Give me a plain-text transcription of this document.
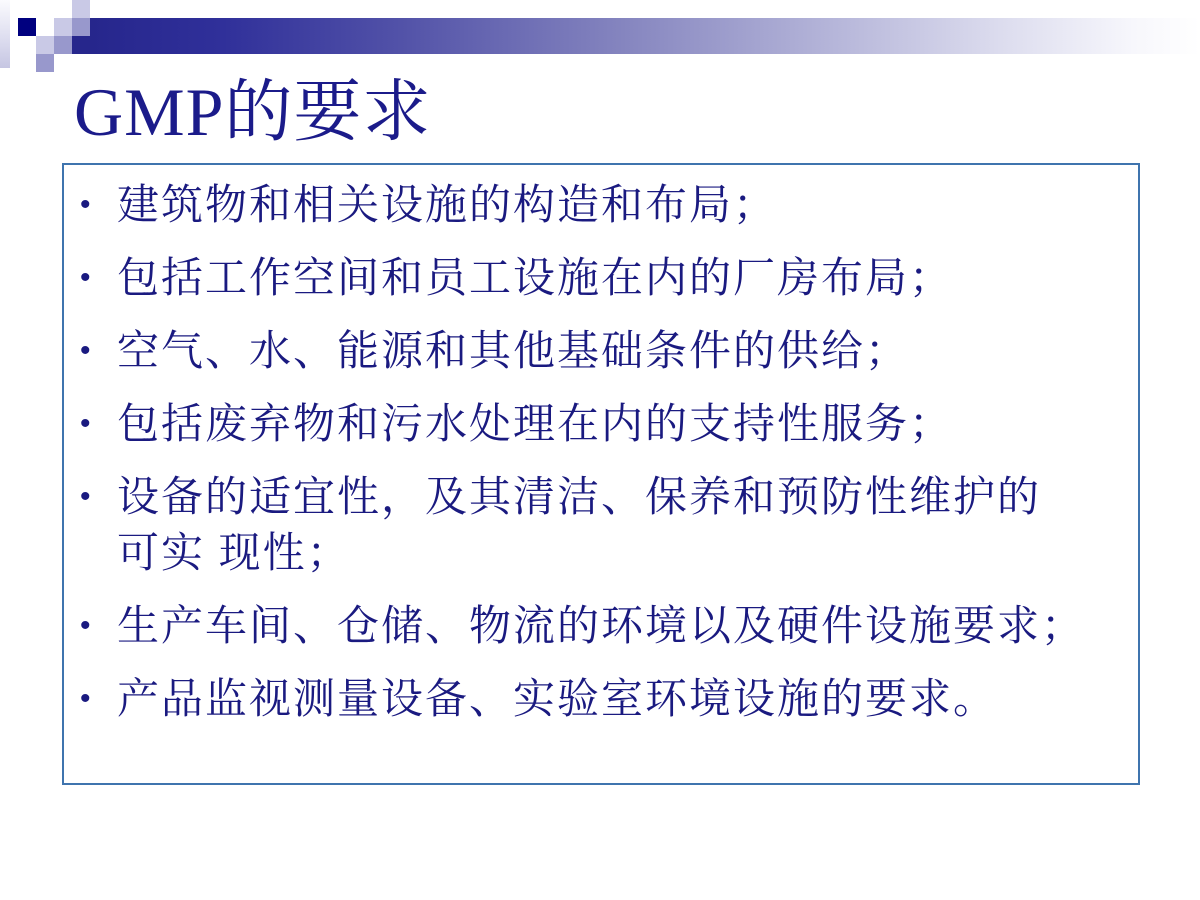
GMP的要求
• 建筑物和相关设施的构造和布局；
• 包括工作空间和员工设施在内的厂房布局；
• 空气、水、能源和其他基础条件的供给；
• 包括废弃物和污水处理在内的支持性服务；
• 设备的适宜性，及其清洁、保养和预防性维护的
可实 现性；
• 生产车间、仓储、物流的环境以及硬件设施要求；
• 产品监视测量设备、实验室环境设施的要求。
